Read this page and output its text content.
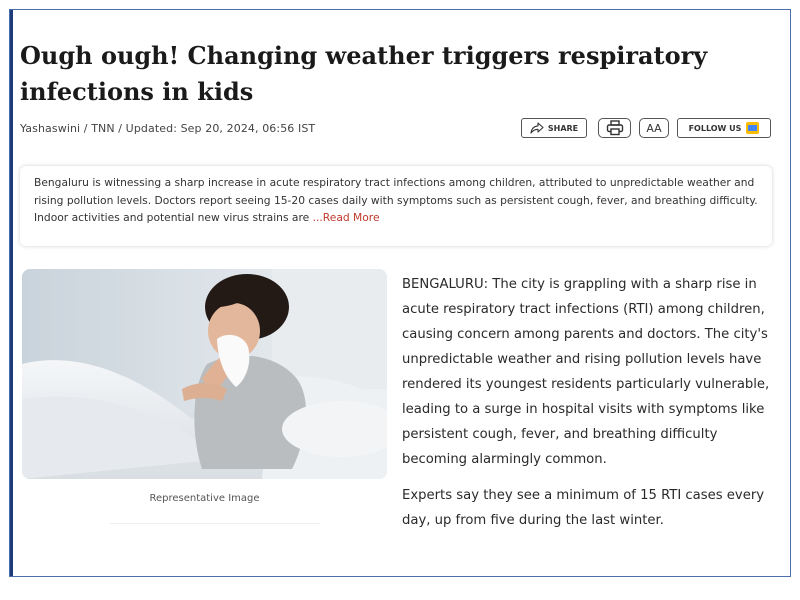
Ough ough! Changing weather triggers respiratory infections in kids
Yashaswini / TNN / Updated: Sep 20, 2024, 06:56 IST	SHARE	AA	FOLLOW US

Bengaluru is witnessing a sharp increase in acute respiratory tract infections among children, attributed to unpredictable weather and rising pollution levels. Doctors report seeing 15-20 cases daily with symptoms such as persistent cough, fever, and breathing difficulty. Indoor activities and potential new virus strains are ...Read More

Representative Image

BENGALURU: The city is grappling with a sharp rise in acute respiratory tract infections (RTI) among children, causing concern among parents and doctors. The city's unpredictable weather and rising pollution levels have rendered its youngest residents particularly vulnerable, leading to a surge in hospital visits with symptoms like persistent cough, fever, and breathing difficulty becoming alarmingly common.

Experts say they see a minimum of 15 RTI cases every day, up from five during the last winter.
